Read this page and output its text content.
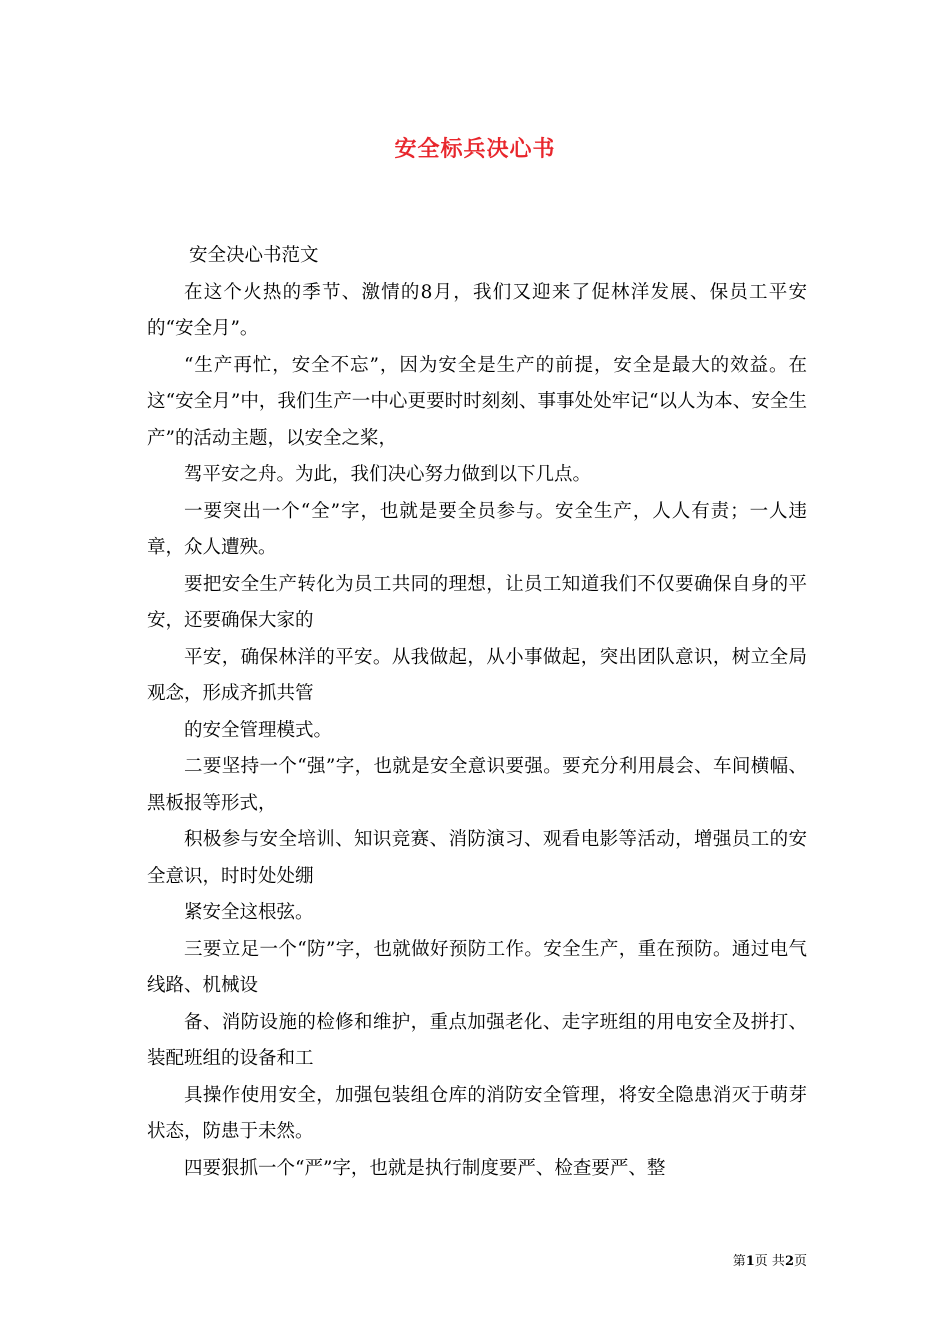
安全标兵决心书

安全决心书范文

在这个火热的季节、激情的8月，我们又迎来了促林洋发展、保员工平安的“安全月”。

“生产再忙，安全不忘”，因为安全是生产的前提，安全是最大的效益。在这“安全月”中，我们生产一中心更要时时刻刻、事事处处牢记“以人为本、安全生产”的活动主题，以安全之桨，

驾平安之舟。为此，我们决心努力做到以下几点。

一要突出一个“全”字，也就是要全员参与。安全生产，人人有责；一人违章，众人遭殃。

要把安全生产转化为员工共同的理想，让员工知道我们不仅要确保自身的平安，还要确保大家的

平安，确保林洋的平安。从我做起，从小事做起，突出团队意识，树立全局观念，形成齐抓共管

的安全管理模式。

二要坚持一个“强”字，也就是安全意识要强。要充分利用晨会、车间横幅、黑板报等形式，

积极参与安全培训、知识竞赛、消防演习、观看电影等活动，增强员工的安全意识，时时处处绷

紧安全这根弦。

三要立足一个“防”字，也就做好预防工作。安全生产，重在预防。通过电气线路、机械设

备、消防设施的检修和维护，重点加强老化、走字班组的用电安全及拼打、装配班组的设备和工

具操作使用安全，加强包装组仓库的消防安全管理，将安全隐患消灭于萌芽状态，防患于未然。

四要狠抓一个“严”字，也就是执行制度要严、检查要严、整

第1页 共2页
